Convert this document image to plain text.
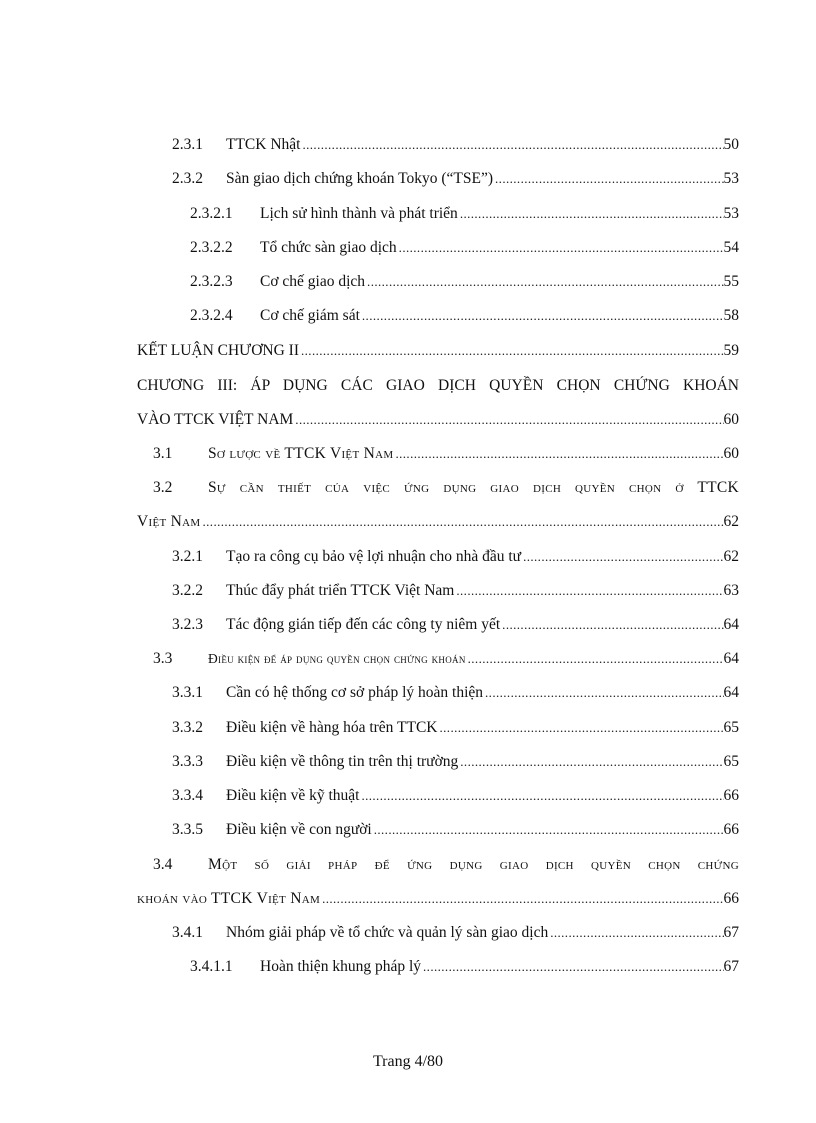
2.3.1 TTCK Nhật .....	50
2.3.2 Sàn giao dịch chứng khoán Tokyo (“TSE”) .....	53
2.3.2.1 Lịch sử hình thành và phát triển .....	53
2.3.2.2 Tổ chức sàn giao dịch .....	54
2.3.2.3 Cơ chế giao dịch .....	55
2.3.2.4 Cơ chế giám sát .....	58
KẾT LUẬN CHƯƠNG II .....	59
CHƯƠNG III: ÁP DỤNG CÁC GIAO DỊCH QUYỀN CHỌN CHỨNG KHOÁN
VÀO TTCK VIỆT NAM .....	60
3.1 Sơ lược về TTCK Việt Nam .....	60
3.2 Sự cần thiết của việc ứng dụng giao dịch quyền chọn ở TTCK
Việt Nam .....	62
3.2.1 Tạo ra công cụ bảo vệ lợi nhuận cho nhà đầu tư .....	62
3.2.2 Thúc đẩy phát triển TTCK Việt Nam .....	63
3.2.3 Tác động gián tiếp đến các công ty niêm yết .....	64
3.3	Điều kiện để áp dụng quyền chọn chứng khoán .....	64
3.3.1 Cần có hệ thống cơ sở pháp lý hoàn thiện .....	64
3.3.2 Điều kiện về hàng hóa trên TTCK .....	65
3.3.3 Điều kiện về thông tin trên thị trường .....	65
3.3.4 Điều kiện về kỹ thuật .....	66
3.3.5 Điều kiện về con người .....	66
3.4 Một số giải pháp để ứng dụng giao dịch quyền chọn chứng
khoán vào TTCK Việt Nam .....	66
3.4.1 Nhóm giải pháp về tổ chức và quản lý sàn giao dịch .....	67
3.4.1.1 Hoàn thiện khung pháp lý .....	67
Trang 4/80
